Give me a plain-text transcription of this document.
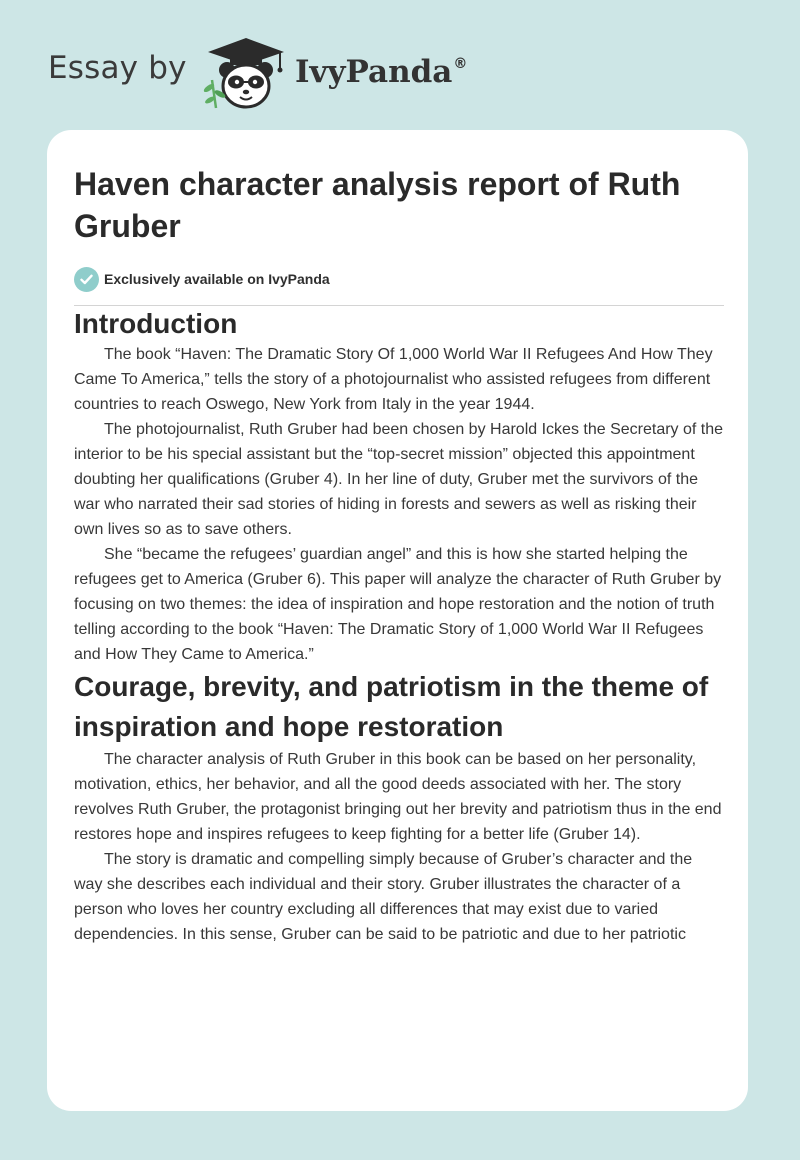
Essay by	IvyPanda®
Haven character analysis report of Ruth Gruber
Exclusively available on IvyPanda
Introduction

The book “Haven: The Dramatic Story Of 1,000 World War II Refugees And How They Came To America,” tells the story of a photojournalist who assisted refugees from different countries to reach Oswego, New York from Italy in the year 1944.

The photojournalist, Ruth Gruber had been chosen by Harold Ickes the Secretary of the interior to be his special assistant but the “top-secret mission” objected this appointment doubting her qualifications (Gruber 4). In her line of duty, Gruber met the survivors of the war who narrated their sad stories of hiding in forests and sewers as well as risking their own lives so as to save others.

She “became the refugees’ guardian angel” and this is how she started helping the refugees get to America (Gruber 6). This paper will analyze the character of Ruth Gruber by focusing on two themes: the idea of inspiration and hope restoration and the notion of truth telling according to the book “Haven: The Dramatic Story of 1,000 World War II Refugees and How They Came to America.”

Courage, brevity, and patriotism in the theme of inspiration and hope restoration

The character analysis of Ruth Gruber in this book can be based on her personality, motivation, ethics, her behavior, and all the good deeds associated with her. The story revolves Ruth Gruber, the protagonist bringing out her brevity and patriotism thus in the end restores hope and inspires refugees to keep fighting for a better life (Gruber 14).

The story is dramatic and compelling simply because of Gruber’s character and the way she describes each individual and their story. Gruber illustrates the character of a person who loves her country excluding all differences that may exist due to varied dependencies. In this sense, Gruber can be said to be patriotic and due to her patriotic
